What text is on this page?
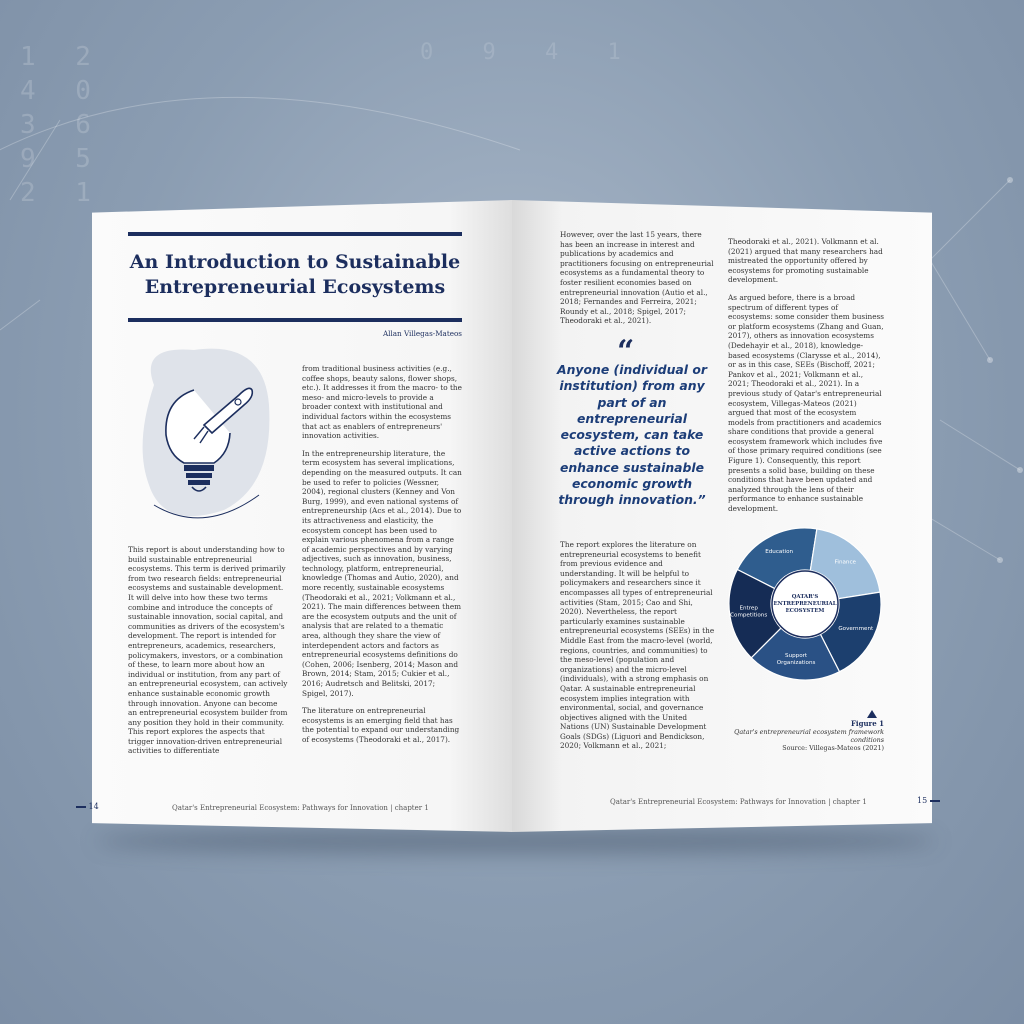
1 2
4 0
3 6
9 5
2 1
0 9 4 1
An Introduction to Sustainable Entrepreneurial Ecosystems
Allan Villegas-Mateos
This report is about understanding how to build sustainable entrepreneurial ecosystems. This term is derived primarily from two research fields: entrepreneurial ecosystems and sustainable development. It will delve into how these two terms combine and introduce the concepts of sustainable innovation, social capital, and communities as drivers of the ecosystem's development. The report is intended for entrepreneurs, academics, researchers, policymakers, investors, or a combination of these, to learn more about how an individual or institution, from any part of an entrepreneurial ecosystem, can actively enhance sustainable economic growth through innovation. Anyone can become an entrepreneurial ecosystem builder from any position they hold in their community. This report explores the aspects that trigger innovation-driven entrepreneurial activities to differentiate

from traditional business activities (e.g., coffee shops, beauty salons, flower shops, etc.). It addresses it from the macro- to the meso- and micro-levels to provide a broader context with institutional and individual factors within the ecosystems that act as enablers of entrepreneurs' innovation activities.

In the entrepreneurship literature, the term ecosystem has several implications, depending on the measured outputs. It can be used to refer to policies (Wessner, 2004), regional clusters (Kenney and Von Burg, 1999), and even national systems of entrepreneurship (Acs et al., 2014). Due to its attractiveness and elasticity, the ecosystem concept has been used to explain various phenomena from a range of academic perspectives and by varying adjectives, such as innovation, business, technology, platform, entrepreneurial, knowledge (Thomas and Autio, 2020), and more recently, sustainable ecosystems (Theodoraki et al., 2021; Volkmann et al., 2021). The main differences between them are the ecosystem outputs and the unit of analysis that are related to a thematic area, although they share the view of interdependent actors and factors as entrepreneurial ecosystems definitions do (Cohen, 2006; Isenberg, 2014; Mason and Brown, 2014; Stam, 2015; Cukier et al., 2016; Audretsch and Belitski, 2017; Spigel, 2017).

The literature on entrepreneurial ecosystems is an emerging field that has the potential to expand our understanding of ecosystems (Theodoraki et al., 2017).

14	Qatar's Entrepreneurial Ecosystem: Pathways for Innovation | chapter 1
However, over the last 15 years, there has been an increase in interest and publications by academics and practitioners focusing on entrepreneurial ecosystems as a fundamental theory to foster resilient economies based on entrepreneurial innovation (Autio et al., 2018; Fernandes and Ferreira, 2021; Roundy et al., 2018; Spigel, 2017; Theodoraki et al., 2021).
“
Anyone (individual or institution) from any part of an entrepreneurial ecosystem, can take active actions to enhance sustainable economic growth through innovation.”
The report explores the literature on entrepreneurial ecosystems to benefit from previous evidence and understanding. It will be helpful to policymakers and researchers since it encompasses all types of entrepreneurial activities (Stam, 2015; Cao and Shi, 2020). Nevertheless, the report particularly examines sustainable entrepreneurial ecosystems (SEEs) in the Middle East from the macro-level (world, regions, countries, and communities) to the meso-level (population and organizations) and the micro-level (individuals), with a strong emphasis on Qatar. A sustainable entrepreneurial ecosystem implies integration with environmental, social, and governance objectives aligned with the United Nations (UN) Sustainable Development Goals (SDGs) (Liguori and Bendickson, 2020; Volkmann et al., 2021;

Theodoraki et al., 2021). Volkmann et al. (2021) argued that many researchers had mistreated the opportunity offered by ecosystems for promoting sustainable development.

As argued before, there is a broad spectrum of different types of ecosystems: some consider them business or platform ecosystems (Zhang and Guan, 2017), others as innovation ecosystems (Dedehayir et al., 2018), knowledge-based ecosystems (Clarysse et al., 2014), or as in this case, SEEs (Bischoff, 2021; Pankov et al., 2021; Volkmann et al., 2021; Theodoraki et al., 2021). In a previous study of Qatar's entrepreneurial ecosystem, Villegas-Mateos (2021) argued that most of the ecosystem models from practitioners and academics share conditions that provide a general ecosystem framework which includes five of those primary required conditions (see Figure 1). Consequently, this report presents a solid base, building on these conditions that have been updated and analyzed through the lens of their performance to enhance sustainable development.

Education
Finance
Government
Support Organizations
Entrep Competitions
QATAR'S ENTREPRENEURIAL ECOSYSTEM
Figure 1
Qatar's entrepreneurial ecosystem framework conditions
Source: Villegas-Mateos (2021)
Qatar's Entrepreneurial Ecosystem: Pathways for Innovation | chapter 1	15
